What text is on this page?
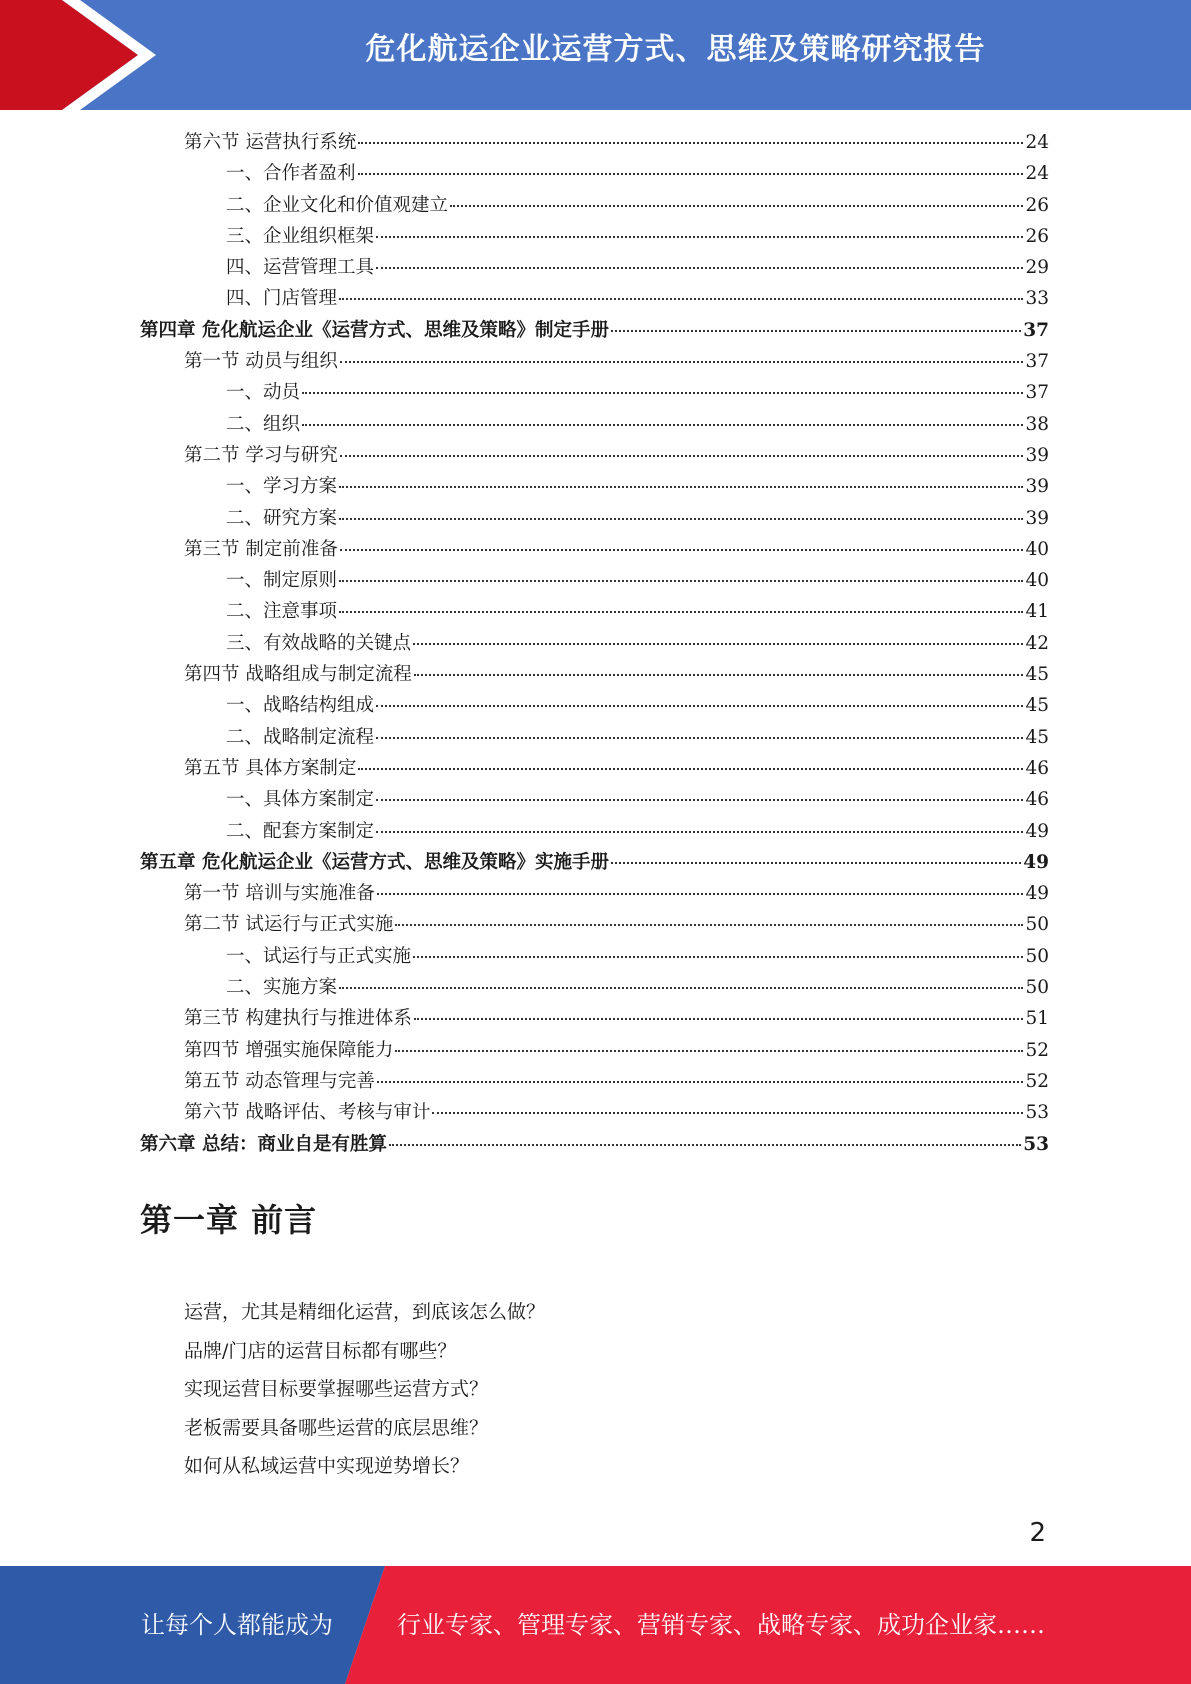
危化航运企业运营方式、思维及策略研究报告
第六节 运营执行系统	24
一、合作者盈利	24
二、企业文化和价值观建立	26
三、企业组织框架	26
四、运营管理工具	29
四、门店管理	33
第四章 危化航运企业《运营方式、思维及策略》制定手册	37
第一节 动员与组织	37
一、动员	37
二、组织	38
第二节 学习与研究	39
一、学习方案	39
二、研究方案	39
第三节 制定前准备	40
一、制定原则	40
二、注意事项	41
三、有效战略的关键点	42
第四节 战略组成与制定流程	45
一、战略结构组成	45
二、战略制定流程	45
第五节 具体方案制定	46
一、具体方案制定	46
二、配套方案制定	49
第五章 危化航运企业《运营方式、思维及策略》实施手册	49
第一节 培训与实施准备	49
第二节 试运行与正式实施	50
一、试运行与正式实施	50
二、实施方案	50
第三节 构建执行与推进体系	51
第四节 增强实施保障能力	52
第五节 动态管理与完善	52
第六节 战略评估、考核与审计	53
第六章 总结：商业自是有胜算	53
第一章 前言
运营，尤其是精细化运营，到底该怎么做？
品牌/门店的运营目标都有哪些？
实现运营目标要掌握哪些运营方式？
老板需要具备哪些运营的底层思维？
如何从私域运营中实现逆势增长？
2
让每个人都能成为	行业专家、管理专家、营销专家、战略专家、成功企业家……
